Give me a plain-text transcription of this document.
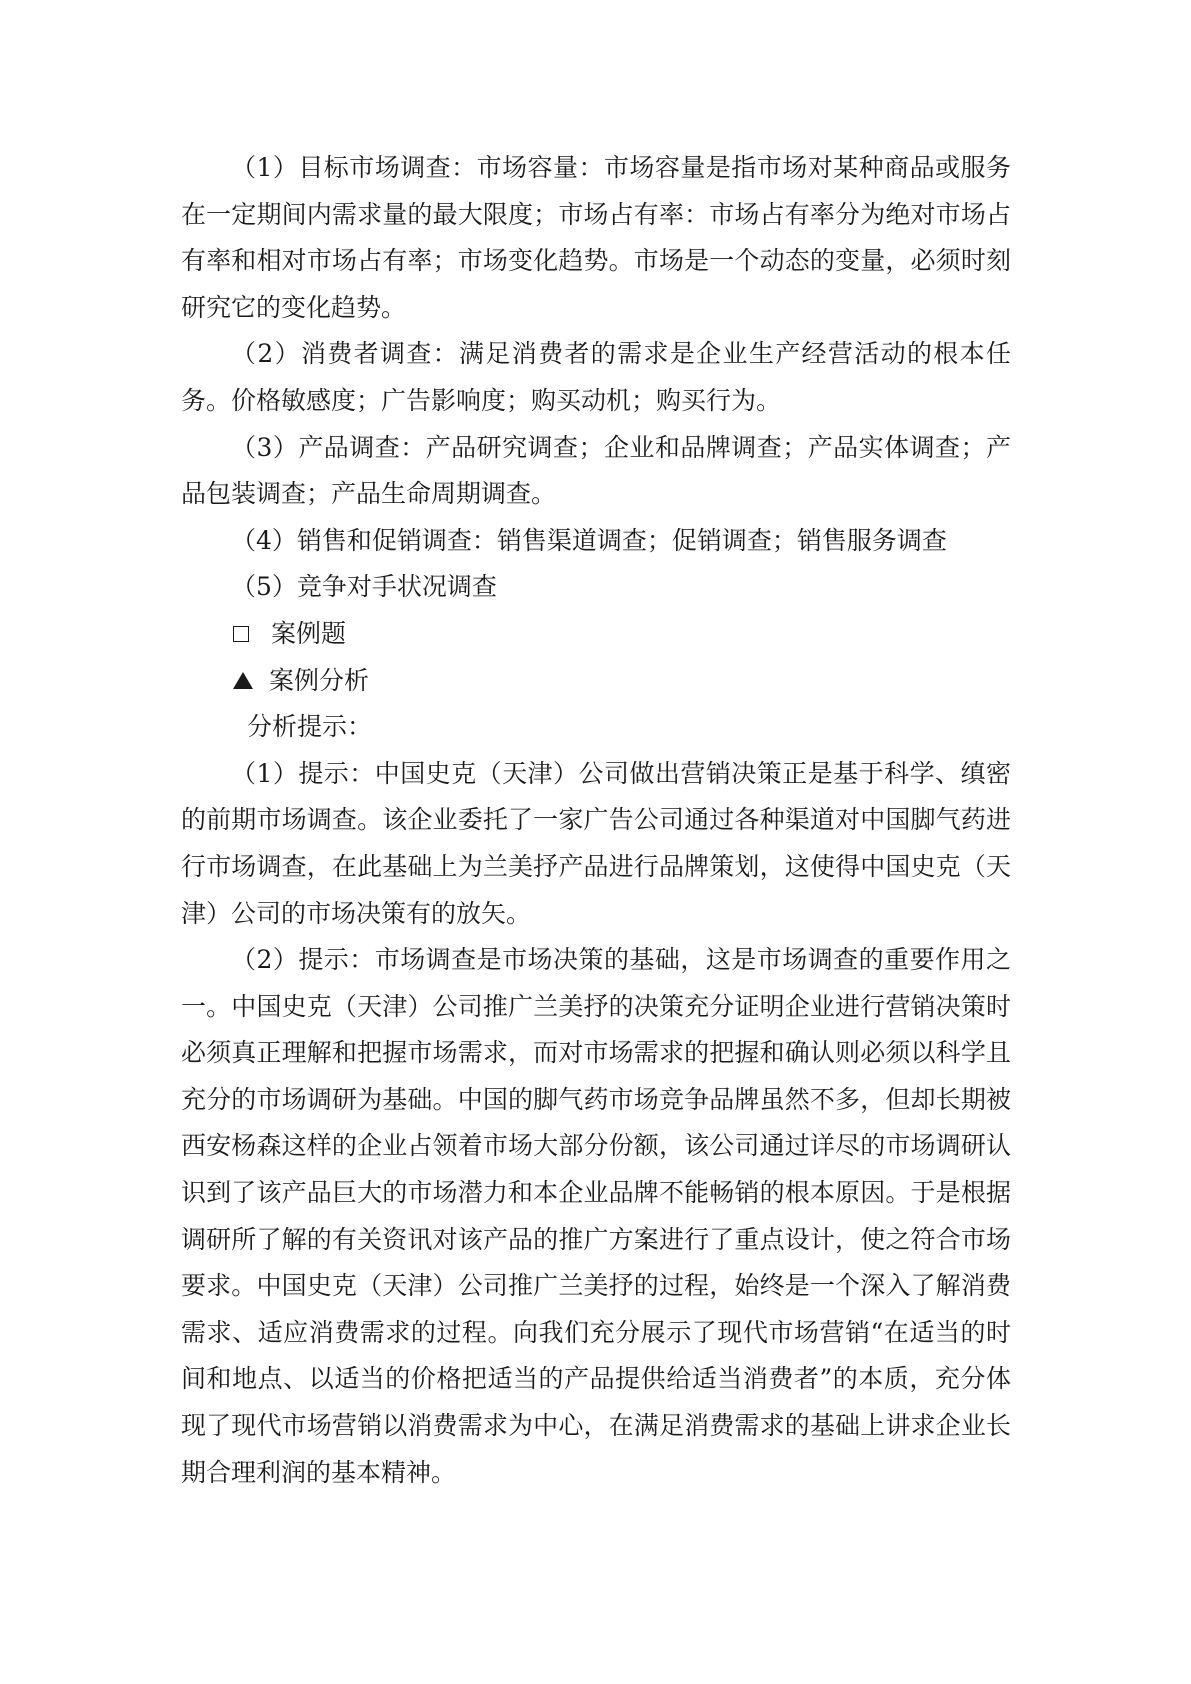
（1）目标市场调查：市场容量：市场容量是指市场对某种商品或服务在一定期间内需求量的最大限度；市场占有率：市场占有率分为绝对市场占有率和相对市场占有率；市场变化趋势。市场是一个动态的变量，必须时刻研究它的变化趋势。

（2）消费者调查：满足消费者的需求是企业生产经营活动的根本任务。价格敏感度；广告影响度；购买动机；购买行为。

（3）产品调查：产品研究调查；企业和品牌调查；产品实体调查；产品包装调查；产品生命周期调查。

（4）销售和促销调查：销售渠道调查；促销调查；销售服务调查

（5）竞争对手状况调查

案例题

案例分析

分析提示：

（1）提示：中国史克（天津）公司做出营销决策正是基于科学、缜密的前期市场调查。该企业委托了一家广告公司通过各种渠道对中国脚气药进行市场调查，在此基础上为兰美抒产品进行品牌策划，这使得中国史克（天津）公司的市场决策有的放矢。

（2）提示：市场调查是市场决策的基础，这是市场调查的重要作用之一。中国史克（天津）公司推广兰美抒的决策充分证明企业进行营销决策时必须真正理解和把握市场需求，而对市场需求的把握和确认则必须以科学且充分的市场调研为基础。中国的脚气药市场竞争品牌虽然不多，但却长期被西安杨森这样的企业占领着市场大部分份额，该公司通过详尽的市场调研认识到了该产品巨大的市场潜力和本企业品牌不能畅销的根本原因。于是根据调研所了解的有关资讯对该产品的推广方案进行了重点设计，使之符合市场要求。中国史克（天津）公司推广兰美抒的过程，始终是一个深入了解消费需求、适应消费需求的过程。向我们充分展示了现代市场营销“在适当的时间和地点、以适当的价格把适当的产品提供给适当消费者”的本质，充分体现了现代市场营销以消费需求为中心，在满足消费需求的基础上讲求企业长期合理利润的基本精神。
